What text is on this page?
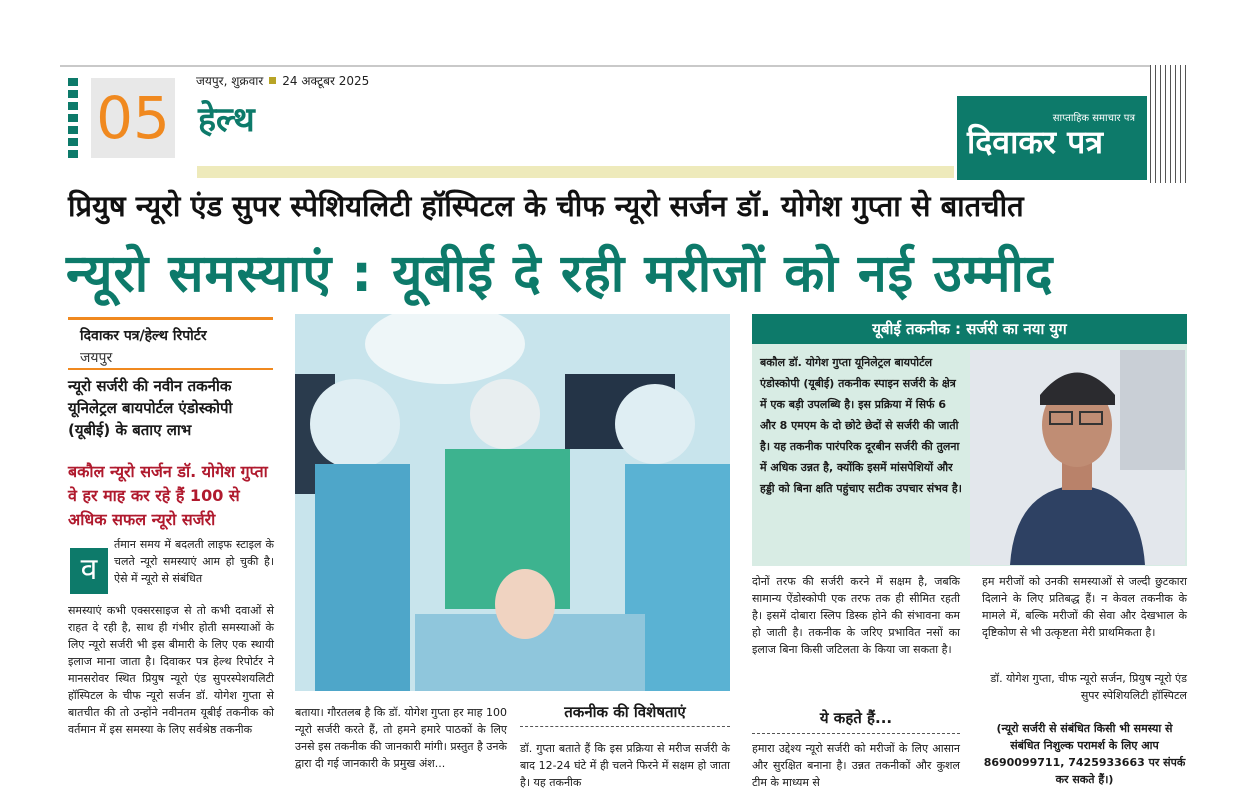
05
जयपुर, शुक्रवार 24 अक्टूबर 2025
हेल्थ	साप्ताहिक समाचार पत्र
दिवाकर पत्र
प्रियुष न्यूरो एंड सुपर स्पेशियलिटी हॉस्पिटल के चीफ न्यूरो सर्जन डॉ. योगेश गुप्ता से बातचीत
न्यूरो समस्याएं : यूबीई दे रही मरीजों को नई उम्मीद
दिवाकर पत्र/हेल्थ रिपोर्टर
जयपुर
न्यूरो सर्जरी की नवीन तकनीक यूनिलेट्रल बायपोर्टल एंडोस्कोपी (यूबीई) के बताए लाभ
बकौल न्यूरो सर्जन डॉ. योगेश गुप्ता वे हर माह कर रहे हैं 100 से अधिक सफल न्यूरो सर्जरी
व
र्तमान समय में बदलती लाइफ स्टाइल के चलते न्यूरो समस्याएं आम हो चुकी है। ऐसे में न्यूरो से संबंधित
समस्याएं कभी एक्सरसाइज से तो कभी दवाओं से राहत दे रही है, साथ ही गंभीर होती समस्याओं के लिए न्यूरो सर्जरी भी इस बीमारी के लिए एक स्थायी इलाज माना जाता है। दिवाकर पत्र हेल्थ रिपोर्टर ने मानसरोवर स्थित प्रियुष न्यूरो एंड सुपरस्पेशयलिटी हॉस्पिटल के चीफ न्यूरो सर्जन डॉ. योगेश गुप्ता से बातचीत की तो उन्होंने नवीनतम यूबीई तकनीक को वर्तमान में इस समस्या के लिए सर्वश्रेष्ठ तकनीक
बताया। गौरतलब है कि डॉ. योगेश गुप्ता हर माह 100 न्यूरो सर्जरी करते हैं, तो हमने हमारे पाठकों के लिए उनसे इस तकनीक की जानकारी मांगी। प्रस्तुत है उनके द्वारा दी गई जानकारी के प्रमुख अंश...
तकनीक की विशेषताएं
डॉ. गुप्ता बताते हैं कि इस प्रक्रिया से मरीज सर्जरी के बाद 12-24 घंटे में ही चलने फिरने में सक्षम हो जाता है। यह तकनीक
यूबीई तकनीक : सर्जरी का नया युग
बकौल डॉ. योगेश गुप्ता यूनिलेट्रल बायपोर्टल एंडोस्कोपी (यूबीई) तकनीक स्पाइन सर्जरी के क्षेत्र में एक बड़ी उपलब्धि है। इस प्रक्रिया में सिर्फ 6 और 8 एमएम के दो छोटे छेदों से सर्जरी की जाती है। यह तकनीक पारंपरिक दूरबीन सर्जरी की तुलना में अधिक उन्नत है, क्योंकि इसमें मांसपेशियों और हड्डी को बिना क्षति पहुंचाए सटीक उपचार संभव है।
दोनों तरफ की सर्जरी करने में सक्षम है, जबकि सामान्य ऐंडोस्कोपी एक तरफ तक ही सीमित रहती है। इसमें दोबारा स्लिप डिस्क होने की संभावना कम हो जाती है। तकनीक के जरिए प्रभावित नसों का इलाज बिना किसी जटिलता के किया जा सकता है।
ये कहते हैं...
हमारा उद्देश्य न्यूरो सर्जरी को मरीजों के लिए आसान और सुरक्षित बनाना है। उन्नत तकनीकों और कुशल टीम के माध्यम से
हम मरीजों को उनकी समस्याओं से जल्दी छुटकारा दिलाने के लिए प्रतिबद्ध हैं। न केवल तकनीक के मामले में, बल्कि मरीजों की सेवा और देखभाल के दृष्टिकोण से भी उत्कृष्टता मेरी प्राथमिकता है।
डॉ. योगेश गुप्ता, चीफ न्यूरो सर्जन, प्रियुष न्यूरो एंड सुपर स्पेशियलिटी हॉस्पिटल
(न्यूरो सर्जरी से संबंधित किसी भी समस्या से संबंधित निशुल्क परामर्श के लिए आप 8690099711, 7425933663 पर संपर्क कर सकते हैं।)
